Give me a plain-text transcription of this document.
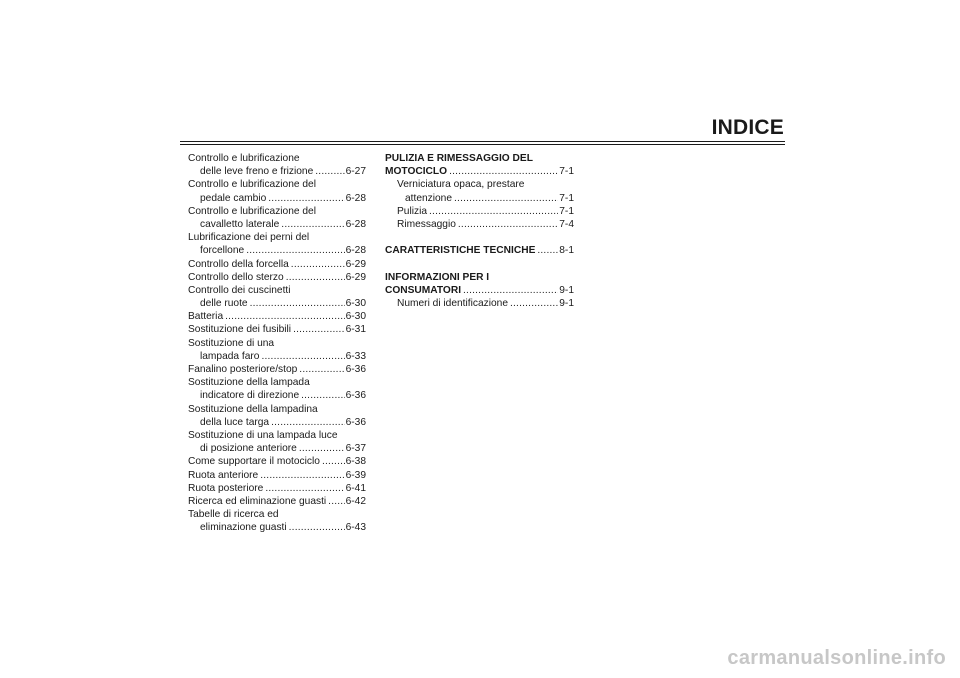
INDICE
Controllo e lubrificazione
delle leve freno e frizione .....	6-27
Controllo e lubrificazione del
pedale cambio .....	6-28
Controllo e lubrificazione del
cavalletto laterale .....	6-28
Lubrificazione dei perni del
forcellone .....	6-28
Controllo della forcella .....	6-29
Controllo dello sterzo .....	6-29
Controllo dei cuscinetti
delle ruote .....	6-30
Batteria .....	6-30
Sostituzione dei fusibili .....	6-31
Sostituzione di una
lampada faro .....	6-33
Fanalino posteriore/stop .....	6-36
Sostituzione della lampada
indicatore di direzione .....	6-36
Sostituzione della lampadina
della luce targa .....	6-36
Sostituzione di una lampada luce
di posizione anteriore .....	6-37
Come supportare il motociclo .....	6-38
Ruota anteriore .....	6-39
Ruota posteriore .....	6-41
Ricerca ed eliminazione guasti ..... 6-42
Tabelle di ricerca ed
eliminazione guasti .....	6-43
PULIZIA E RIMESSAGGIO DEL
MOTOCICLO .....	7-1
Verniciatura opaca, prestare
attenzione .....	7-1
Pulizia .....	7-1
Rimessaggio .....	7-4
CARATTERISTICHE TECNICHE ..... 8-1
INFORMAZIONI PER I
CONSUMATORI .....	9-1
Numeri di identificazione .....	9-1
carmanualsonline.info
